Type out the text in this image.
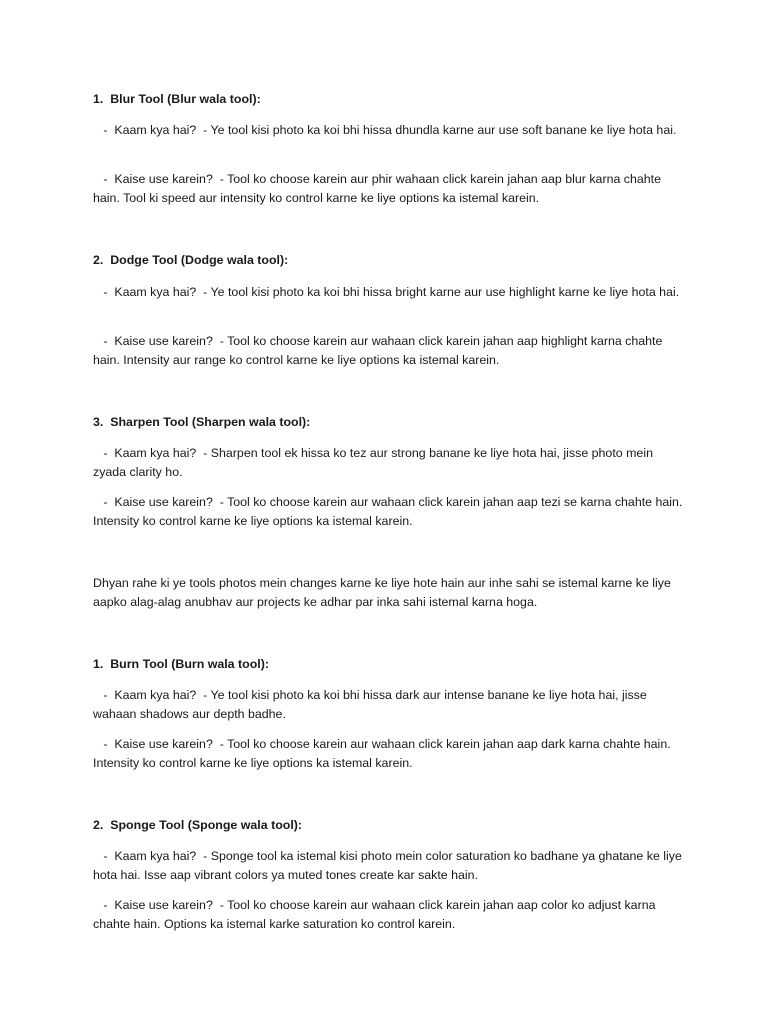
1.  Blur Tool (Blur wala tool):

-  Kaam kya hai?  - Ye tool kisi photo ka koi bhi hissa dhundla karne aur use soft banane ke liye hota hai.

-  Kaise use karein?  - Tool ko choose karein aur phir wahaan click karein jahan aap blur karna chahte hain. Tool ki speed aur intensity ko control karne ke liye options ka istemal karein.

2.  Dodge Tool (Dodge wala tool):

-  Kaam kya hai?  - Ye tool kisi photo ka koi bhi hissa bright karne aur use highlight karne ke liye hota hai.

-  Kaise use karein?  - Tool ko choose karein aur wahaan click karein jahan aap highlight karna chahte hain. Intensity aur range ko control karne ke liye options ka istemal karein.

3.  Sharpen Tool (Sharpen wala tool):

-  Kaam kya hai?  - Sharpen tool ek hissa ko tez aur strong banane ke liye hota hai, jisse photo mein zyada clarity ho.

-  Kaise use karein?  - Tool ko choose karein aur wahaan click karein jahan aap tezi se karna chahte hain. Intensity ko control karne ke liye options ka istemal karein.

Dhyan rahe ki ye tools photos mein changes karne ke liye hote hain aur inhe sahi se istemal karne ke liye aapko alag-alag anubhav aur projects ke adhar par inka sahi istemal karna hoga.

1.  Burn Tool (Burn wala tool):

-  Kaam kya hai?  - Ye tool kisi photo ka koi bhi hissa dark aur intense banane ke liye hota hai, jisse wahaan shadows aur depth badhe.

-  Kaise use karein?  - Tool ko choose karein aur wahaan click karein jahan aap dark karna chahte hain. Intensity ko control karne ke liye options ka istemal karein.

2.  Sponge Tool (Sponge wala tool):

-  Kaam kya hai?  - Sponge tool ka istemal kisi photo mein color saturation ko badhane ya ghatane ke liye hota hai. Isse aap vibrant colors ya muted tones create kar sakte hain.

-  Kaise use karein?  - Tool ko choose karein aur wahaan click karein jahan aap color ko adjust karna chahte hain. Options ka istemal karke saturation ko control karein.
